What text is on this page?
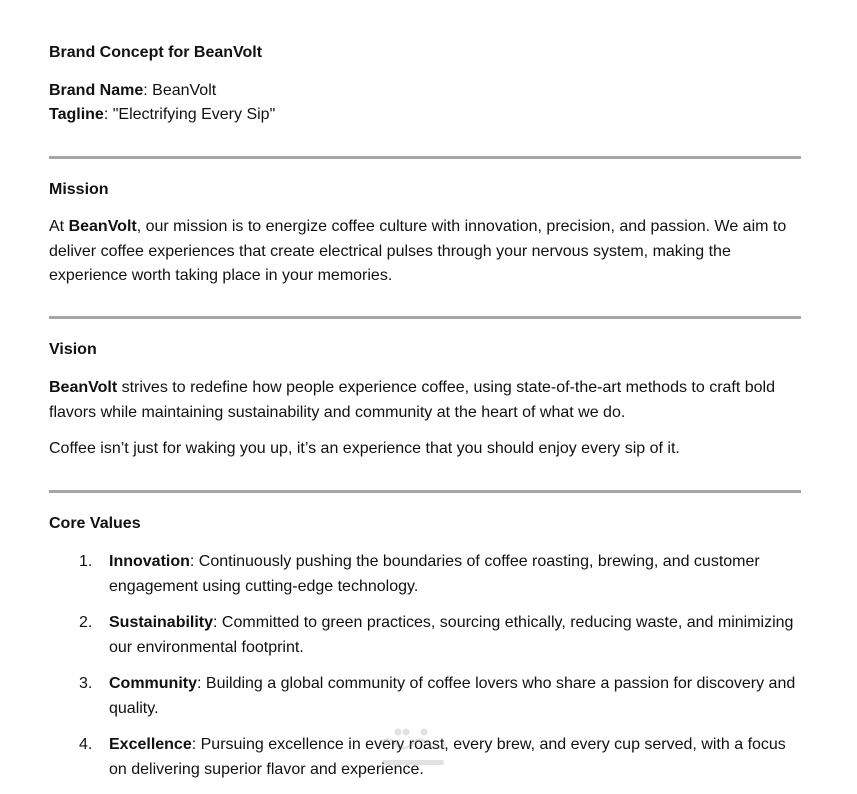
Brand Concept for BeanVolt
Brand Name: BeanVolt
Tagline: "Electrifying Every Sip"
Mission
At BeanVolt, our mission is to energize coffee culture with innovation, precision, and passion. We aim to deliver coffee experiences that create electrical pulses through your nervous system, making the experience worth taking place in your memories.
Vision
BeanVolt strives to redefine how people experience coffee, using state-of-the-art methods to craft bold flavors while maintaining sustainability and community at the heart of what we do.
Coffee isn’t just for waking you up, it’s an experience that you should enjoy every sip of it.
Core Values
1. Innovation: Continuously pushing the boundaries of coffee roasting, brewing, and customer engagement using cutting-edge technology.
2. Sustainability: Committed to green practices, sourcing ethically, reducing waste, and minimizing our environmental footprint.
3. Community: Building a global community of coffee lovers who share a passion for discovery and quality.
4. Excellence: Pursuing excellence in every roast, every brew, and every cup served, with a focus on delivering superior flavor and experience.
